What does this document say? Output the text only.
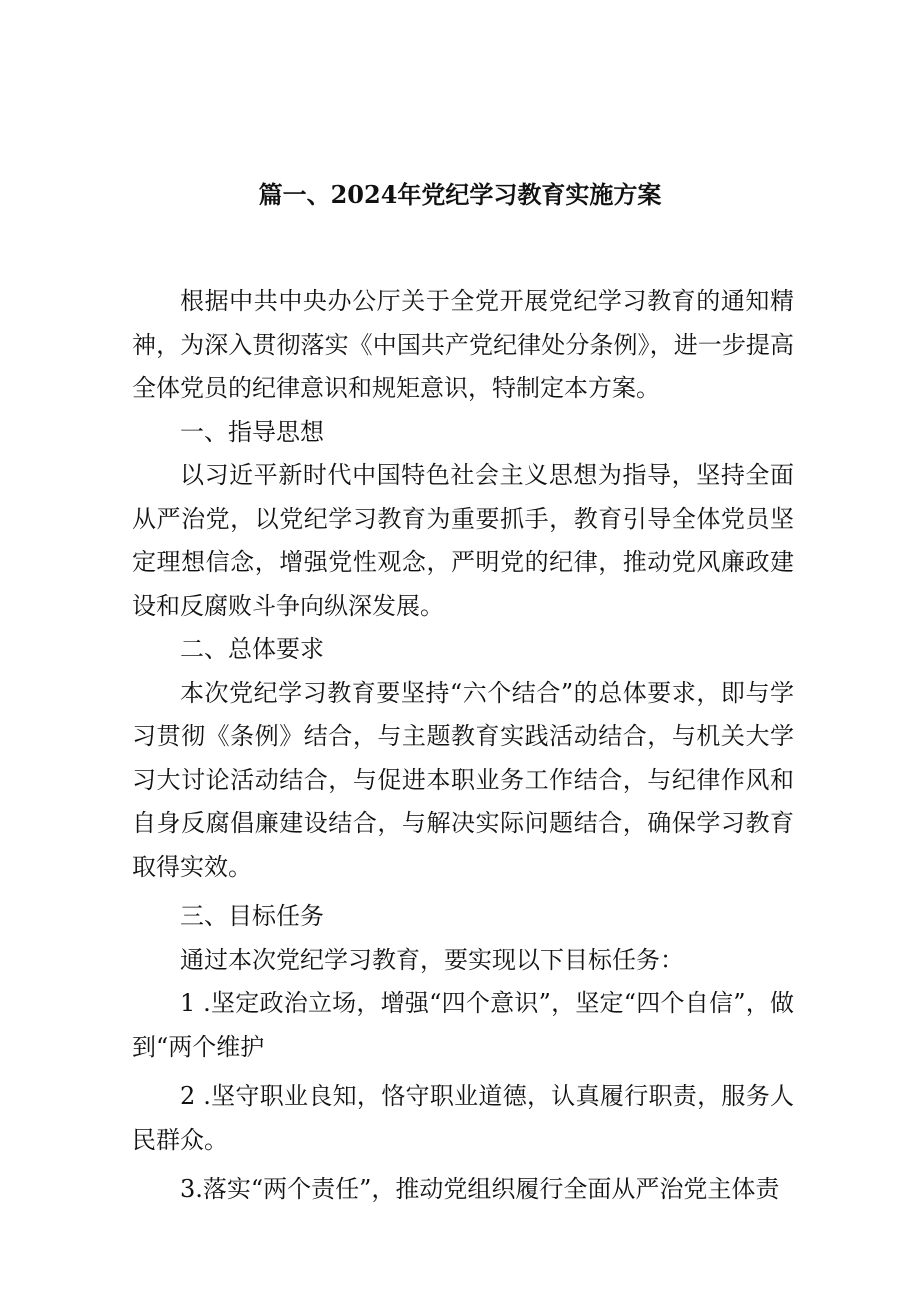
篇一、2024年党纪学习教育实施方案

根据中共中央办公厅关于全党开展党纪学习教育的通知精神，为深入贯彻落实《中国共产党纪律处分条例》，进一步提高全体党员的纪律意识和规矩意识，特制定本方案。

一、指导思想

以习近平新时代中国特色社会主义思想为指导，坚持全面从严治党，以党纪学习教育为重要抓手，教育引导全体党员坚定理想信念，增强党性观念，严明党的纪律，推动党风廉政建设和反腐败斗争向纵深发展。

二、总体要求

本次党纪学习教育要坚持“六个结合”的总体要求，即与学习贯彻《条例》结合，与主题教育实践活动结合，与机关大学习大讨论活动结合，与促进本职业务工作结合，与纪律作风和自身反腐倡廉建设结合，与解决实际问题结合，确保学习教育取得实效。

三、目标任务

通过本次党纪学习教育，要实现以下目标任务：

1 .坚定政治立场，增强“四个意识”，坚定“四个自信”，做到“两个维护

2 .坚守职业良知，恪守职业道德，认真履行职责，服务人民群众。

3.落实“两个责任”，推动党组织履行全面从严治党主体责
